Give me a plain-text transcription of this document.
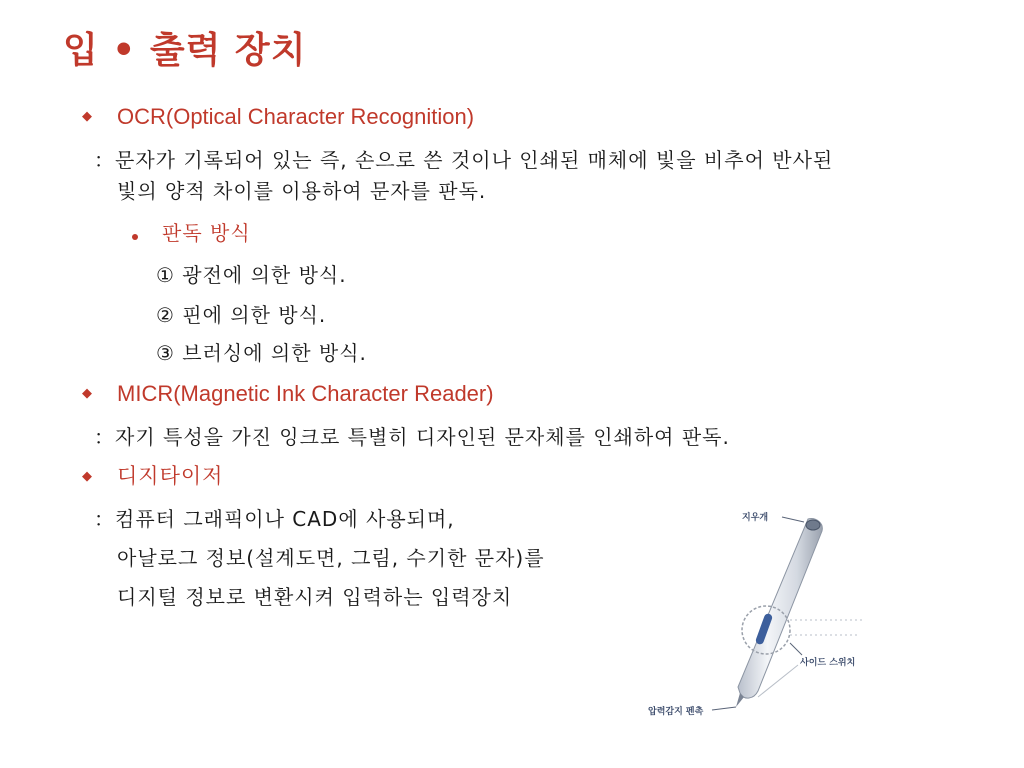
입 • 출력 장치
◆ OCR(Optical Character Recognition)
：문자가 기록되어 있는 즉, 손으로 쓴 것이나 인쇄된 매체에 빛을 비추어 반사된
빛의 양적 차이를 이용하여 문자를 판독.
판독 방식
① 광전에 의한 방식.
② 핀에 의한 방식.
③ 브러싱에 의한 방식.
◆ MICR(Magnetic Ink Character Reader)
：자기 특성을 가진 잉크로 특별히 디자인된 문자체를 인쇄하여 판독.
◆ 디지타이저
：컴퓨터 그래픽이나 CAD에 사용되며,
아날로그 정보(설계도면, 그림, 수기한 문자)를
디지털 정보로 변환시켜 입력하는 입력장치
지우개
사이드 스위치
압력감지 펜촉
